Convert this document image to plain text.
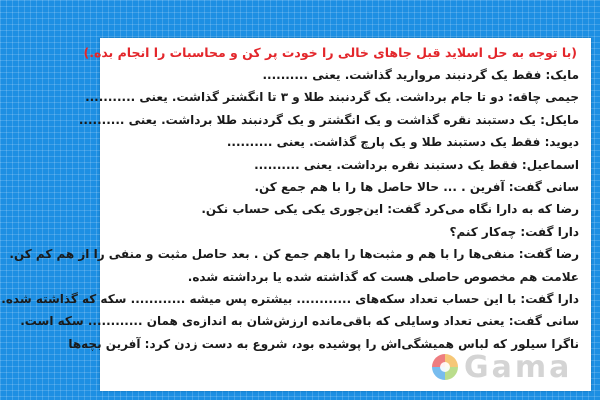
(با توجه به حل اسلاید قبل جاهای خالی را خودت پر کن و محاسبات را انجام بده.)
مایک: فقط یک گردنبند مروارید گذاشت. یعنی ..........
جیمی چاقه: دو تا جام برداشت. یک گردنبند طلا و ۳ تا انگشتر گذاشت. یعنی ...........
مایکل: یک دستبند نقره گذاشت و یک انگشتر و یک گردنبند طلا برداشت. یعنی ..........
دیوید: فقط یک دستبند طلا و یک پارچ گذاشت. یعنی ..........
اسماعیل: فقط یک دستبند نقره برداشت. یعنی ..........
سانی گفت: آفرین . ... حالا حاصل ها را با هم جمع کن.
رضا که به دارا نگاه می‌کرد گفت: این‌جوری یکی یکی حساب نکن.
دارا گفت: چه‌کار کنم؟
رضا گفت: منفی‌ها را با هم و مثبت‌ها را باهم جمع کن . بعد حاصل مثبت و منفی را از هم کم کن.
علامت هم مخصوص حاصلی هست که گذاشته شده یا برداشته شده.
دارا گفت: با این حساب تعداد سکه‌های ............ بیشتره پس میشه ............ سکه که گذاشته شده.
سانی گفت: یعنی تعداد وسایلی که باقی‌مانده ارزش‌شان به اندازه‌ی همان ............ سکه است.
ناگرا سیلور که لباس همیشگی‌اش را پوشیده بود، شروع به دست زدن کرد: آفرین بچه‌ها
Gama
